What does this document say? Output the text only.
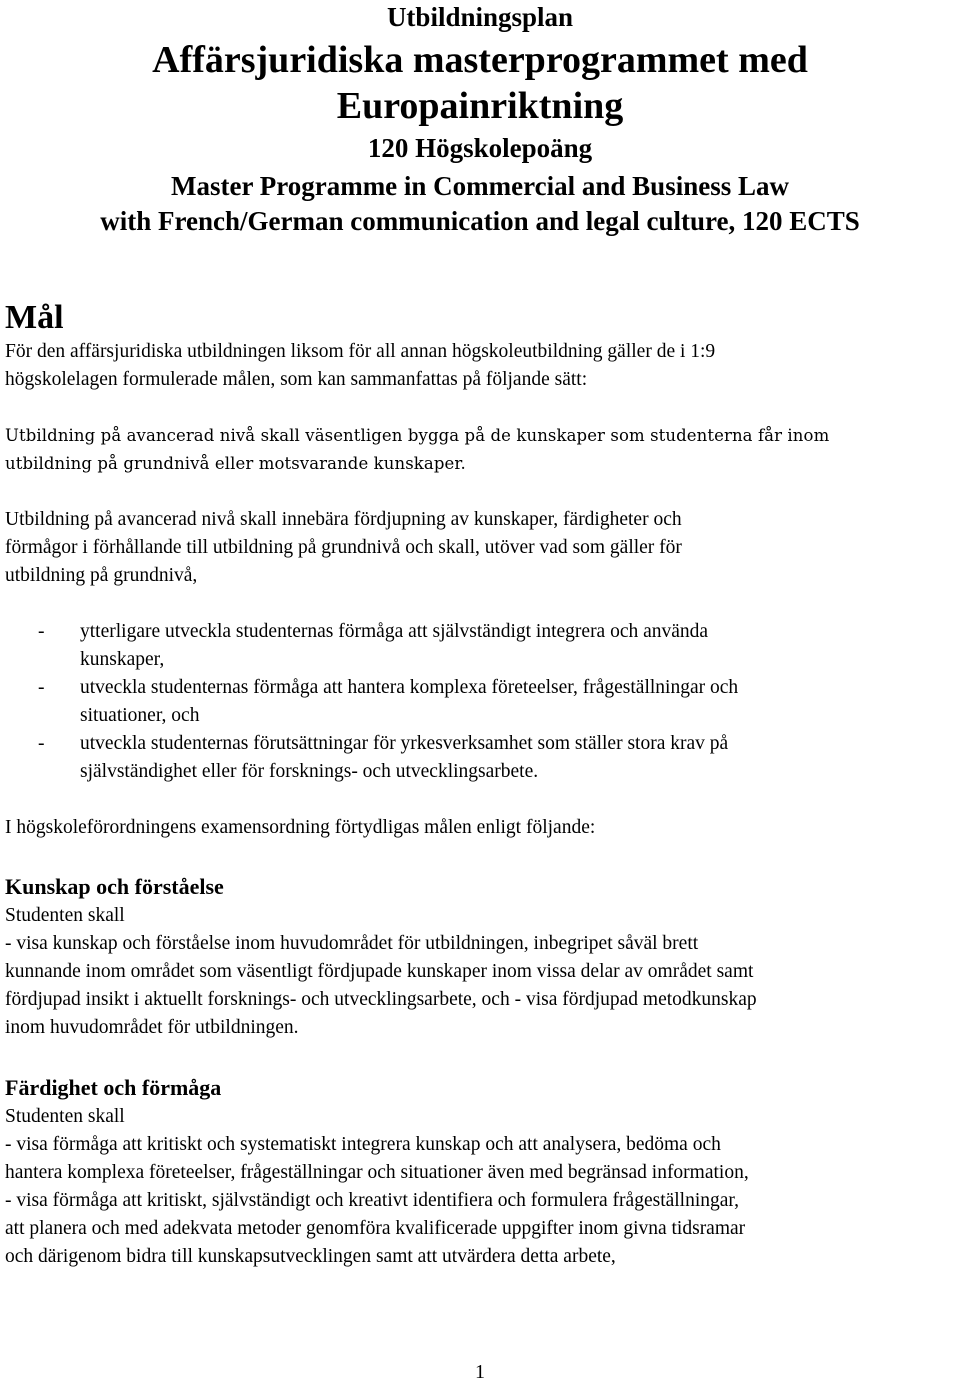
Utbildningsplan
Affärsjuridiska masterprogrammet med
Europainriktning
120 Högskolepoäng
Master Programme in Commercial and Business Law
with French/German communication and legal culture, 120 ECTS
Mål
För den affärsjuridiska utbildningen liksom för all annan högskoleutbildning gäller de i 1:9
högskolelagen formulerade målen, som kan sammanfattas på följande sätt:
Utbildning på avancerad nivå skall väsentligen bygga på de kunskaper som studenterna får inom
utbildning på grundnivå eller motsvarande kunskaper.
Utbildning på avancerad nivå skall innebära fördjupning av kunskaper, färdigheter och
förmågor i förhållande till utbildning på grundnivå och skall, utöver vad som gäller för
utbildning på grundnivå,
- ytterligare utveckla studenternas förmåga att självständigt integrera och använda
kunskaper,
- utveckla studenternas förmåga att hantera komplexa företeelser, frågeställningar och
situationer, och
- utveckla studenternas förutsättningar för yrkesverksamhet som ställer stora krav på
självständighet eller för forsknings- och utvecklingsarbete.
I högskoleförordningens examensordning förtydligas målen enligt följande:
Kunskap och förståelse
Studenten skall
- visa kunskap och förståelse inom huvudområdet för utbildningen, inbegripet såväl brett
kunnande inom området som väsentligt fördjupade kunskaper inom vissa delar av området samt
fördjupad insikt i aktuellt forsknings- och utvecklingsarbete, och - visa fördjupad metodkunskap
inom huvudområdet för utbildningen.
Färdighet och förmåga
Studenten skall
- visa förmåga att kritiskt och systematiskt integrera kunskap och att analysera, bedöma och
hantera komplexa företeelser, frågeställningar och situationer även med begränsad information,
- visa förmåga att kritiskt, självständigt och kreativt identifiera och formulera frågeställningar,
att planera och med adekvata metoder genomföra kvalificerade uppgifter inom givna tidsramar
och därigenom bidra till kunskapsutvecklingen samt att utvärdera detta arbete,
1
